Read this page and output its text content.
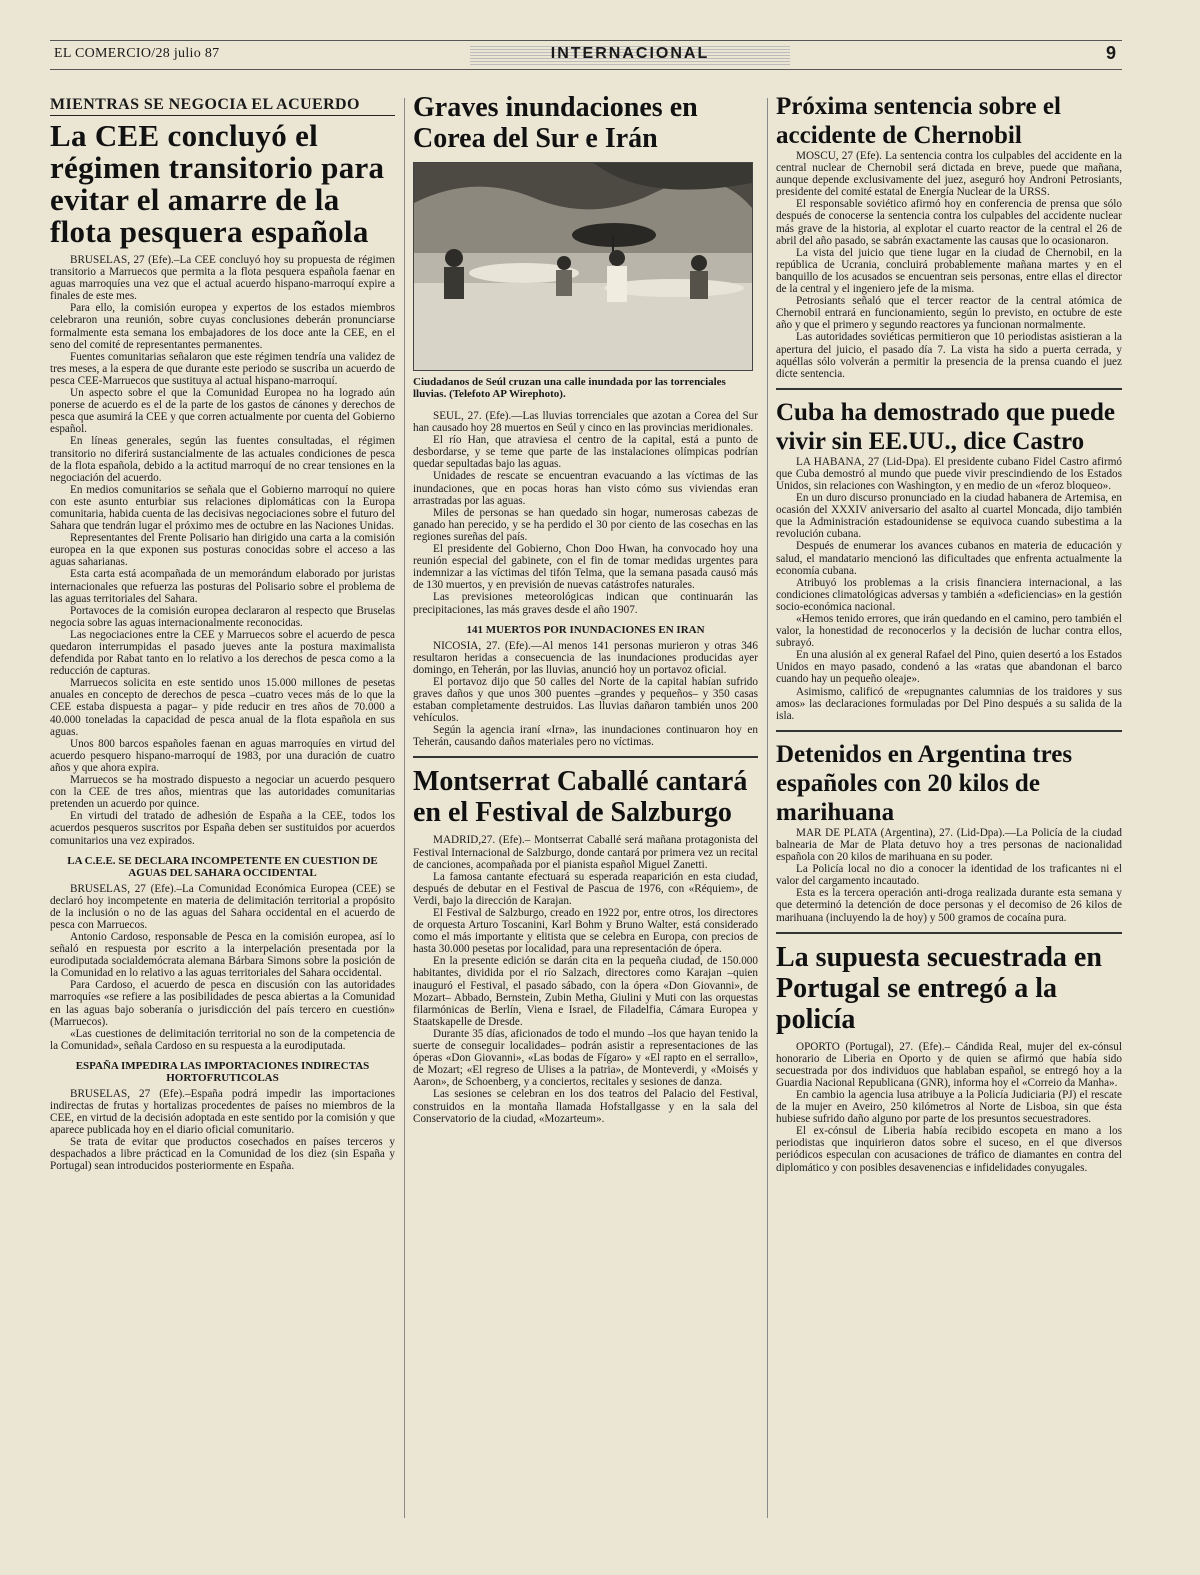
EL COMERCIO/28 julio 87	INTERNACIONAL	9
MIENTRAS SE NEGOCIA EL ACUERDO
La CEE concluyó el régimen transitorio para evitar el amarre de la flota pesquera española

BRUSELAS, 27 (Efe).–La CEE concluyó hoy su propuesta de régimen transitorio a Marruecos que permita a la flota pesquera española faenar en aguas marroquíes una vez que el actual acuerdo hispano-marroquí expire a finales de este mes.

Para ello, la comisión europea y expertos de los estados miembros celebraron una reunión, sobre cuyas conclusiones deberán pronunciarse formalmente esta semana los embajadores de los doce ante la CEE, en el seno del comité de representantes permanentes.

Fuentes comunitarias señalaron que este régimen tendría una validez de tres meses, a la espera de que durante este periodo se suscriba un acuerdo de pesca CEE-Marruecos que sustituya al actual hispano-marroquí.

Un aspecto sobre el que la Comunidad Europea no ha logrado aún ponerse de acuerdo es el de la parte de los gastos de cánones y derechos de pesca que asumirá la CEE y que corren actualmente por cuenta del Gobierno español.

En líneas generales, según las fuentes consultadas, el régimen transitorio no diferirá sustancialmente de las actuales condiciones de pesca de la flota española, debido a la actitud marroquí de no crear tensiones en la negociación del acuerdo.

En medios comunitarios se señala que el Gobierno marroquí no quiere con este asunto enturbiar sus relaciones diplomáticas con la Europa comunitaria, habida cuenta de las decisivas negociaciones sobre el futuro del Sahara que tendrán lugar el próximo mes de octubre en las Naciones Unidas.

Representantes del Frente Polisario han dirigido una carta a la comisión europea en la que exponen sus posturas conocidas sobre el acceso a las aguas saharianas.

Esta carta está acompañada de un memorándum elaborado por juristas internacionales que refuerza las posturas del Polisario sobre el problema de las aguas territoriales del Sahara.

Portavoces de la comisión europea declararon al respecto que Bruselas negocia sobre las aguas internacionalmente reconocidas.

Las negociaciones entre la CEE y Marruecos sobre el acuerdo de pesca quedaron interrumpidas el pasado jueves ante la postura maximalista defendida por Rabat tanto en lo relativo a los derechos de pesca como a la reducción de capturas.

Marruecos solicita en este sentido unos 15.000 millones de pesetas anuales en concepto de derechos de pesca –cuatro veces más de lo que la CEE estaba dispuesta a pagar– y pide reducir en tres años de 70.000 a 40.000 toneladas la capacidad de pesca anual de la flota española en sus aguas.

Unos 800 barcos españoles faenan en aguas marroquíes en virtud del acuerdo pesquero hispano-marroquí de 1983, por una duración de cuatro años y que ahora expira.

Marruecos se ha mostrado dispuesto a negociar un acuerdo pesquero con la CEE de tres años, mientras que las autoridades comunitarias pretenden un acuerdo por quince.

En virtudi del tratado de adhesión de España a la CEE, todos los acuerdos pesqueros suscritos por España deben ser sustituidos por acuerdos comunitarios una vez expirados.

LA C.E.E. SE DECLARA INCOMPETENTE EN CUESTION DE AGUAS DEL SAHARA OCCIDENTAL

BRUSELAS, 27 (Efe).–La Comunidad Económica Europea (CEE) se declaró hoy incompetente en materia de delimitación territorial a propósito de la inclusión o no de las aguas del Sahara occidental en el acuerdo de pesca con Marruecos.

Antonio Cardoso, responsable de Pesca en la comisión europea, así lo señaló en respuesta por escrito a la interpelación presentada por la eurodiputada socialdemócrata alemana Bárbara Simons sobre la posición de la Comunidad en lo relativo a las aguas territoriales del Sahara occidental.

Para Cardoso, el acuerdo de pesca en discusión con las autoridades marroquíes «se refiere a las posibilidades de pesca abiertas a la Comunidad en las aguas bajo soberanía o jurisdicción del país tercero en cuestión» (Marruecos).

«Las cuestiones de delimitación territorial no son de la competencia de la Comunidad», señala Cardoso en su respuesta a la eurodiputada.

ESPAÑA IMPEDIRA LAS IMPORTACIONES INDIRECTAS HORTOFRUTICOLAS

BRUSELAS, 27 (Efe).–España podrá impedir las importaciones indirectas de frutas y hortalizas procedentes de países no miembros de la CEE, en virtud de la decisión adoptada en este sentido por la comisión y que aparece publicada hoy en el diario oficial comunitario.

Se trata de evitar que productos cosechados en países terceros y despachados a libre prácticad en la Comunidad de los diez (sin España y Portugal) sean introducidos posteriormente en España.

Graves inundaciones en Corea del Sur e Irán
Ciudadanos de Seúl cruzan una calle inundada por las torrenciales lluvias. (Telefoto AP Wirephoto).

SEUL, 27. (Efe).—Las lluvias torrenciales que azotan a Corea del Sur han causado hoy 28 muertos en Seúl y cinco en las provincias meridionales.

El río Han, que atraviesa el centro de la capital, está a punto de desbordarse, y se teme que parte de las instalaciones olímpicas podrían quedar sepultadas bajo las aguas.

Unidades de rescate se encuentran evacuando a las víctimas de las inundaciones, que en pocas horas han visto cómo sus viviendas eran arrastradas por las aguas.

Miles de personas se han quedado sin hogar, numerosas cabezas de ganado han perecido, y se ha perdido el 30 por ciento de las cosechas en las regiones sureñas del país.

El presidente del Gobierno, Chon Doo Hwan, ha convocado hoy una reunión especial del gabinete, con el fin de tomar medidas urgentes para indemnizar a las víctimas del tifón Telma, que la semana pasada causó más de 130 muertos, y en previsión de nuevas catástrofes naturales.

Las previsiones meteorológicas indican que continuarán las precipitaciones, las más graves desde el año 1907.

141 MUERTOS POR INUNDACIONES EN IRAN

NICOSIA, 27. (Efe).—Al menos 141 personas murieron y otras 346 resultaron heridas a consecuencia de las inundaciones producidas ayer domingo, en Teherán, por las lluvias, anunció hoy un portavoz oficial.

El portavoz dijo que 50 calles del Norte de la capital habían sufrido graves daños y que unos 300 puentes –grandes y pequeños– y 350 casas estaban completamente destruidos. Las lluvias dañaron también unos 200 vehículos.

Según la agencia iraní «Irna», las inundaciones continuaron hoy en Teherán, causando daños materiales pero no víctimas.

Montserrat Caballé cantará en el Festival de Salzburgo

MADRID,27. (Efe).– Montserrat Caballé será mañana protagonista del Festival Internacional de Salzburgo, donde cantará por primera vez un recital de canciones, acompañada por el pianista español Miguel Zanetti.

La famosa cantante efectuará su esperada reaparición en esta ciudad, después de debutar en el Festival de Pascua de 1976, con «Réquiem», de Verdi, bajo la dirección de Karajan.

El Festival de Salzburgo, creado en 1922 por, entre otros, los directores de orquesta Arturo Toscanini, Karl Bohm y Bruno Walter, está considerado como el más importante y elitista que se celebra en Europa, con precios de hasta 30.000 pesetas por localidad, para una representación de ópera.

En la presente edición se darán cita en la pequeña ciudad, de 150.000 habitantes, dividida por el río Salzach, directores como Karajan –quien inauguró el Festival, el pasado sábado, con la ópera «Don Giovanni», de Mozart– Abbado, Bernstein, Zubin Metha, Giulini y Muti con las orquestas filarmónicas de Berlín, Viena e Israel, de Filadelfia, Cámara Europea y Staatskapelle de Dresde.

Durante 35 días, aficionados de todo el mundo –los que hayan tenido la suerte de conseguir localidades– podrán asistir a representaciones de las óperas «Don Giovanni», «Las bodas de Fígaro» y «El rapto en el serrallo», de Mozart; «El regreso de Ulises a la patria», de Monteverdi, y «Moisés y Aaron», de Schoenberg, y a conciertos, recitales y sesiones de danza.

Las sesiones se celebran en los dos teatros del Palacio del Festival, construidos en la montaña llamada Hofstallgasse y en la sala del Conservatorio de la ciudad, «Mozarteum».

Próxima sentencia sobre el accidente de Chernobil

MOSCU, 27 (Efe). La sentencia contra los culpables del accidente en la central nuclear de Chernobil será dictada en breve, puede que mañana, aunque depende exclusivamente del juez, aseguró hoy Androni Petrosiants, presidente del comité estatal de Energía Nuclear de la URSS.

El responsable soviético afirmó hoy en conferencia de prensa que sólo después de conocerse la sentencia contra los culpables del accidente nuclear más grave de la historia, al explotar el cuarto reactor de la central el 26 de abril del año pasado, se sabrán exactamente las causas que lo ocasionaron.

La vista del juicio que tiene lugar en la ciudad de Chernobil, en la república de Ucrania, concluirá probablemente mañana martes y en el banquillo de los acusados se encuentran seis personas, entre ellas el director de la central y el ingeniero jefe de la misma.

Petrosiants señaló que el tercer reactor de la central atómica de Chernobil entrará en funcionamiento, según lo previsto, en octubre de este año y que el primero y segundo reactores ya funcionan normalmente.

Las autoridades soviéticas permitieron que 10 periodistas asistieran a la apertura del juicio, el pasado día 7. La vista ha sido a puerta cerrada, y aquéllas sólo volverán a permitir la presencia de la prensa cuando el juez dicte sentencia.

Cuba ha demostrado que puede vivir sin EE.UU., dice Castro

LA HABANA, 27 (Lid-Dpa). El presidente cubano Fidel Castro afirmó que Cuba demostró al mundo que puede vivir prescindiendo de los Estados Unidos, sin relaciones con Washington, y en medio de un «feroz bloqueo».

En un duro discurso pronunciado en la ciudad habanera de Artemisa, en ocasión del XXXIV aniversario del asalto al cuartel Moncada, dijo también que la Administración estadounidense se equivoca cuando subestima a la revolución cubana.

Después de enumerar los avances cubanos en materia de educación y salud, el mandatario mencionó las dificultades que enfrenta actualmente la economía cubana.

Atribuyó los problemas a la crisis financiera internacional, a las condiciones climatológicas adversas y también a «deficiencias» en la gestión socio-económica nacional.

«Hemos tenido errores, que irán quedando en el camino, pero también el valor, la honestidad de reconocerlos y la decisión de luchar contra ellos, subrayó.

En una alusión al ex general Rafael del Pino, quien desertó a los Estados Unidos en mayo pasado, condenó a las «ratas que abandonan el barco cuando hay un pequeño oleaje».

Asimismo, calificó de «repugnantes calumnias de los traidores y sus amos» las declaraciones formuladas por Del Pino después a su salida de la isla.

Detenidos en Argentina tres españoles con 20 kilos de marihuana

MAR DE PLATA (Argentina), 27. (Lid-Dpa).—La Policía de la ciudad balnearia de Mar de Plata detuvo hoy a tres personas de nacionalidad española con 20 kilos de marihuana en su poder.

La Policía local no dio a conocer la identidad de los traficantes ni el valor del cargamento incautado.

Esta es la tercera operación anti-droga realizada durante esta semana y que determinó la detención de doce personas y el decomiso de 26 kilos de marihuana (incluyendo la de hoy) y 500 gramos de cocaína pura.

La supuesta secuestrada en Portugal se entregó a la policía

OPORTO (Portugal), 27. (Efe).– Cándida Real, mujer del ex-cónsul honorario de Liberia en Oporto y de quien se afirmó que había sido secuestrada por dos individuos que hablaban español, se entregó hoy a la Guardia Nacional Republicana (GNR), informa hoy el «Correio da Manha».

En cambio la agencia lusa atribuye a la Policía Judiciaria (PJ) el rescate de la mujer en Aveiro, 250 kilómetros al Norte de Lisboa, sin que ésta hubiese sufrido daño alguno por parte de los presuntos secuestradores.

El ex-cónsul de Liberia había recibido escopeta en mano a los periodistas que inquirieron datos sobre el suceso, en el que diversos periódicos especulan con acusaciones de tráfico de diamantes en contra del diplomático y con posibles desavenencias e infidelidades conyugales.
